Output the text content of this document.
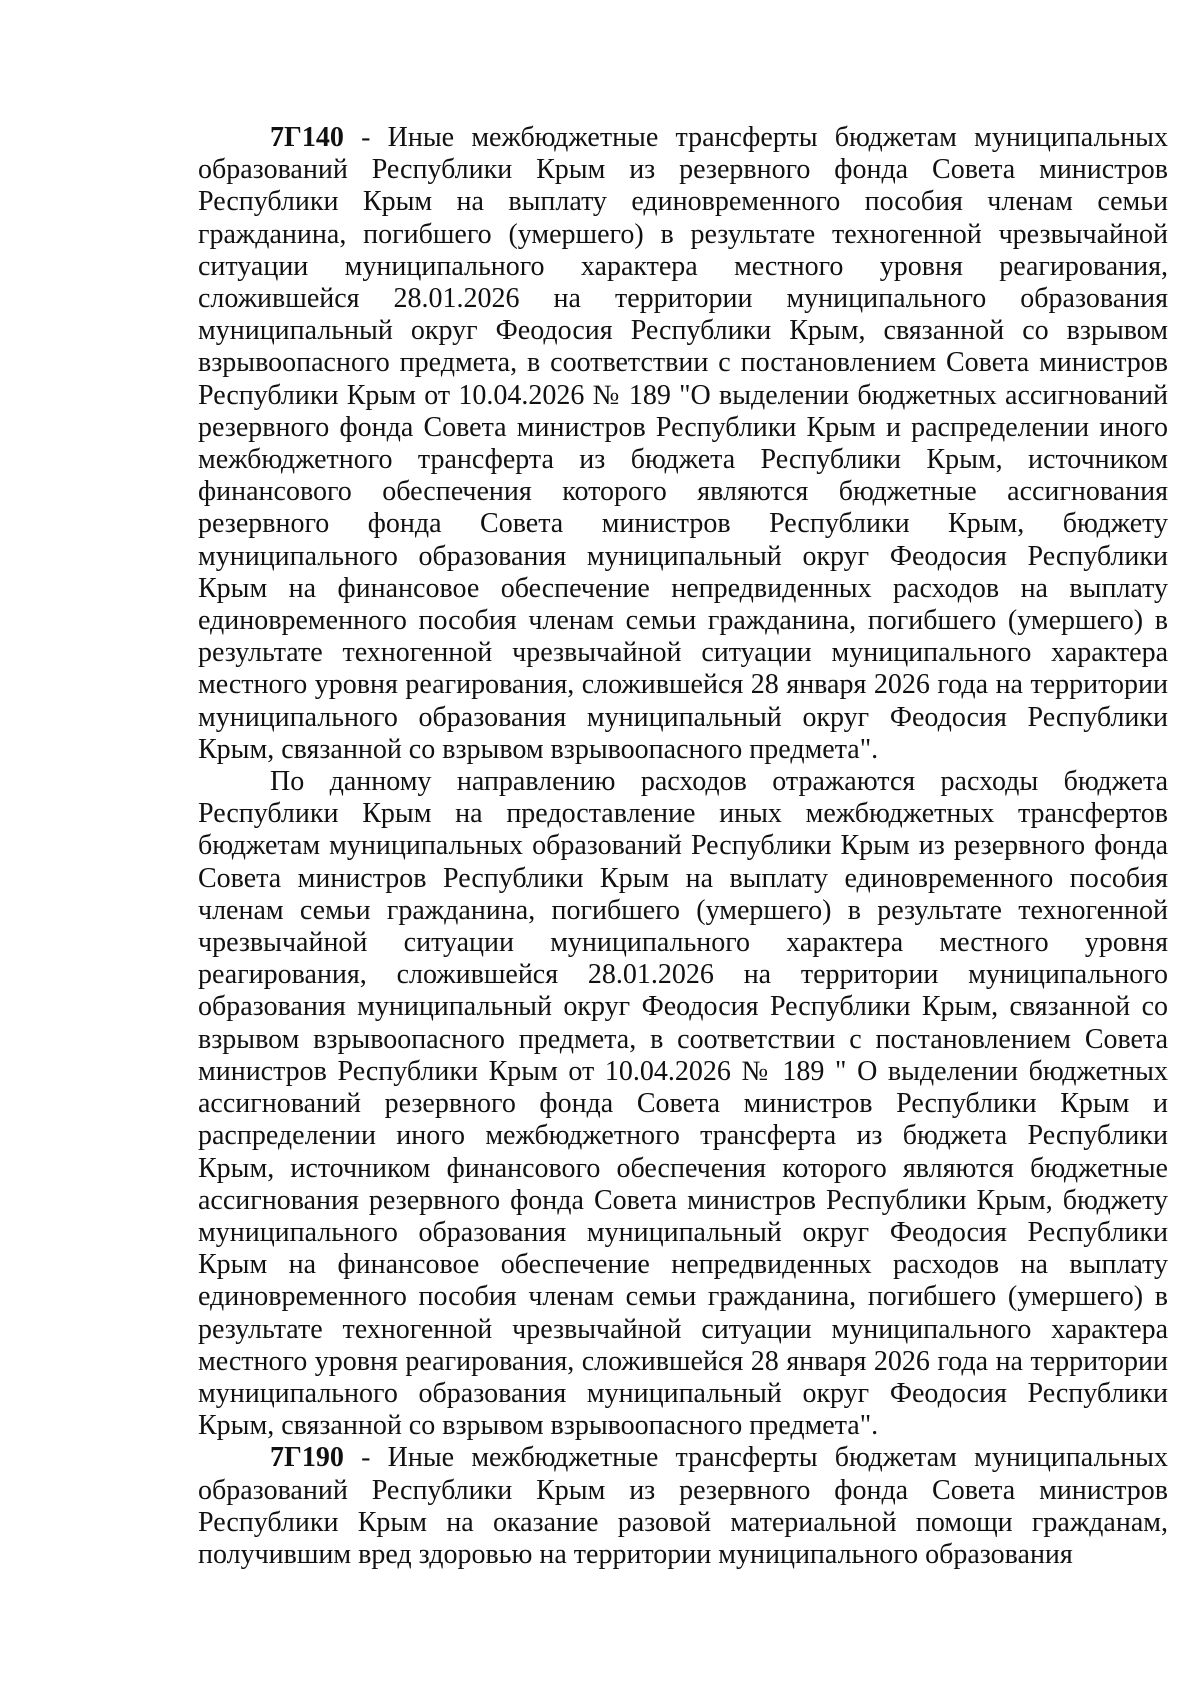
7Г140 - Иные межбюджетные трансферты бюджетам муниципальных образований Республики Крым из резервного фонда Совета министров Республики Крым на выплату единовременного пособия членам семьи гражданина, погибшего (умершего) в результате техногенной чрезвычайной ситуации муниципального характера местного уровня реагирования, сложившейся 28.01.2026 на территории муниципального образования муниципальный округ Феодосия Республики Крым, связанной со взрывом взрывоопасного предмета, в соответствии с постановлением Совета министров Республики Крым от 10.04.2026 № 189 "О выделении бюджетных ассигнований резервного фонда Совета министров Республики Крым и распределении иного межбюджетного трансферта из бюджета Республики Крым, источником финансового обеспечения которого являются бюджетные ассигнования резервного фонда Совета министров Республики Крым, бюджету муниципального образования муниципальный округ Феодосия Республики Крым на финансовое обеспечение непредвиденных расходов на выплату единовременного пособия членам семьи гражданина, погибшего (умершего) в результате техногенной чрезвычайной ситуации муниципального характера местного уровня реагирования, сложившейся 28 января 2026 года на территории муниципального образования муниципальный округ Феодосия Республики Крым, связанной со взрывом взрывоопасного предмета".

По данному направлению расходов отражаются расходы бюджета Республики Крым на предоставление иных межбюджетных трансфертов бюджетам муниципальных образований Республики Крым из резервного фонда Совета министров Республики Крым на выплату единовременного пособия членам семьи гражданина, погибшего (умершего) в результате техногенной чрезвычайной ситуации муниципального характера местного уровня реагирования, сложившейся 28.01.2026 на территории муниципального образования муниципальный округ Феодосия Республики Крым, связанной со взрывом взрывоопасного предмета, в соответствии с постановлением Совета министров Республики Крым от 10.04.2026 № 189 " О выделении бюджетных ассигнований резервного фонда Совета министров Республики Крым и распределении иного межбюджетного трансферта из бюджета Республики Крым, источником финансового обеспечения которого являются бюджетные ассигнования резервного фонда Совета министров Республики Крым, бюджету муниципального образования муниципальный округ Феодосия Республики Крым на финансовое обеспечение непредвиденных расходов на выплату единовременного пособия членам семьи гражданина, погибшего (умершего) в результате техногенной чрезвычайной ситуации муниципального характера местного уровня реагирования, сложившейся 28 января 2026 года на территории муниципального образования муниципальный округ Феодосия Республики Крым, связанной со взрывом взрывоопасного предмета".

7Г190 - Иные межбюджетные трансферты бюджетам муниципальных образований Республики Крым из резервного фонда Совета министров Республики Крым на оказание разовой материальной помощи гражданам, получившим вред здоровью на территории муниципального образования
